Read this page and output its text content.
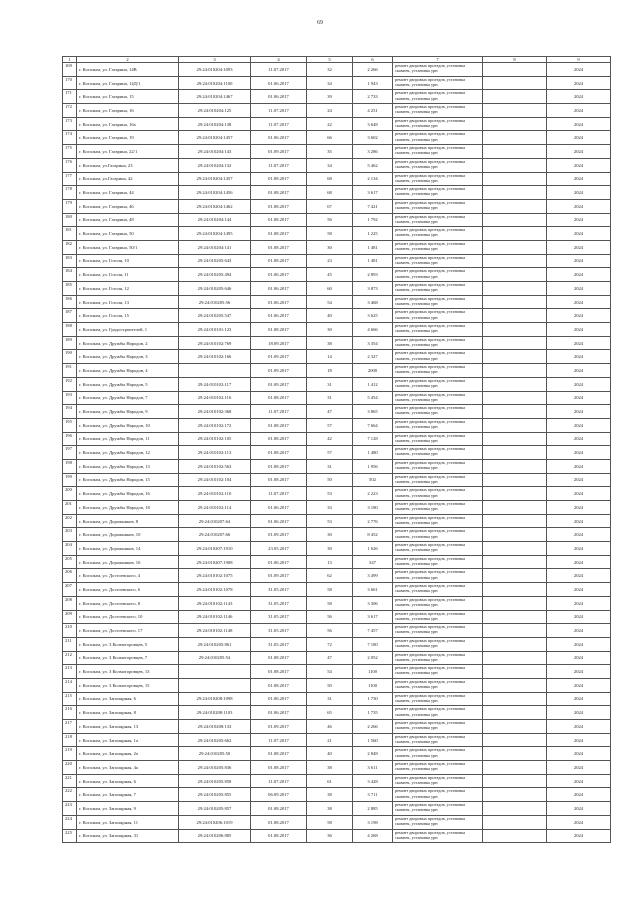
69
1	2	3	4	5	6	7	8	9
169	г. Когалым, ул. Гагарина, 14В	29:24:010204:1093	11.07.2017	32	2 266	ремонт дворовых проездов, установка скамеек, установка урн		2024
170	г. Когалым, ул. Гагарина, 14Д/1	29:24:010204:1100	01.06.2017	34	1 943	ремонт дворовых проездов, установка скамеек, установка урн		2024
171	г. Когалым, ул. Гагарина, 15	29:24:010204:1467	01.06.2017	39	2 733	ремонт дворовых проездов, установка скамеек, установка урн		2024
172	г. Когалым, ул. Гагарина, 16	29:24:010204:125	11.07.2017	24	4 251	ремонт дворовых проездов, установка скамеек, установка урн		2024
173	г. Когалым, ул. Гагарина, 16а	29:24:010204:138	11.07.2017	22	3 648	ремонт дворовых проездов, установка скамеек, установка урн		2024
174	г. Когалым, ул. Гагарина, 19	29:24:010204:1457	01.06.2017	66	3 602	ремонт дворовых проездов, установка скамеек, установка урн		2024
175	г. Когалым, ул. Гагарина, 22/1	29:24:010204:143	01.09.2017	35	3 286	ремонт дворовых проездов, установка скамеек, установка урн		2024
176	г. Когалым, ул.Гагарина, 23	29:24:010204:132	11.07.2017	34	5 462	ремонт дворовых проездов, установка скамеек, установка урн		2024
177	г. Когалым, ул.Гагарина, 42	29:24:010204:1457	01.08.2017	68	2 134	ремонт дворовых проездов, установка скамеек, установка урн		2024
178	г. Когалым, ул. Гагарина, 44	29:24:010204:1456	01.08.2017	68	3 617	ремонт дворовых проездов, установка скамеек, установка урн		2024
179	г. Когалым, ул. Гагарина, 46	29:24:010204:1462	01.08.2017	67	7 421	ремонт дворовых проездов, установка скамеек, установка урн		2024
180	г. Когалым, ул. Гагарина, 48	29:24:010204:144	01.08.2017	56	1 792	ремонт дворовых проездов, установка скамеек, установка урн		2024
181	г. Когалым, ул. Гагарина, 50	29:24:010204:1495	01.08.2017	58	1 225	ремонт дворовых проездов, установка скамеек, установка урн		2024
182	г. Когалым, ул. Гагарина, 50/1	29:24:010204:141	01.08.2017	30	1 481	ремонт дворовых проездов, установка скамеек, установка урн		2024
183	г. Когалым, ул. Гоголя, 10	29:24:010205:643	01.08.2017	23	1 481	ремонт дворовых проездов, установка скамеек, установка урн		2024
184	г. Когалым, ул. Гоголя, 11	29:24:010205:494	01.06.2017	45	2 893	ремонт дворовых проездов, установка скамеек, установка урн		2024
185	г. Когалым, ул. Гоголя, 12	29:24:010205:646	01.06.2017	60	3 873	ремонт дворовых проездов, установка скамеек, установка урн		2024
186	г. Когалым, ул. Гоголя, 13	29:24:010205:56	01.06.2017	54	3 468	ремонт дворовых проездов, установка скамеек, установка урн		2024
187	г. Когалым, ул. Гоголя, 15	29:24:010205:547	01.06.2017	40	3 625	ремонт дворовых проездов, установка скамеек, установка урн		2024
188	г. Когалым, ул. Градостроителей, 1	29:24:010101:123	01.08.2017	30	4 666	ремонт дворовых проездов, установка скамеек, установка урн		2024
189	г. Когалым, ул. Дружбы Народов, 2	29:24:010102:769	18.09.2017	38	3 354	ремонт дворовых проездов, установка скамеек, установка урн		2024
190	г. Когалым, ул. Дружбы Народов, 3	29:24:010102:166	01.09.2017	14	2 327	ремонт дворовых проездов, установка скамеек, установка урн		2024
191	г. Когалым, ул. Дружбы Народов, 4		01.09.2017	18	2000	ремонт дворовых проездов, установка скамеек, установка урн		2024
192	г. Когалым, ул. Дружбы Народов, 5	29:24:010102:117	01.09.2017	31	1 412	ремонт дворовых проездов, установка скамеек, установка урн		2024
193	г. Когалым, ул. Дружбы Народов, 7	29:24:010102:116	01.08.2017	31	5 454	ремонт дворовых проездов, установка скамеек, установка урн		2024
194	г. Когалым, ул. Дружбы Народов, 9	29:24:010102:368	11.07.2017	47	3 865	ремонт дворовых проездов, установка скамеек, установка урн		2024
195	г. Когалым, ул. Дружбы Народов, 10	29:24:010102:172	01.08.2017	57	7 664	ремонт дворовых проездов, установка скамеек, установка урн		2024
196	г. Когалым, ул. Дружбы Народов, 11	29:24:010102:105	01.08.2017	42	7 128	ремонт дворовых проездов, установка скамеек, установка урн		2024
197	г. Когалым, ул. Дружбы Народов, 12	29:24:010102:113	01.08.2017	57	1 480	ремонт дворовых проездов, установка скамеек, установка урн		2024
198	г. Когалым, ул. Дружбы Народов, 13	29:24:010102:563	01.08.2017	31	1 956	ремонт дворовых проездов, установка скамеек, установка урн		2024
199	г. Когалым, ул. Дружбы Народов, 15	29:24:010102:104	01.08.2017	50	502	ремонт дворовых проездов, установка скамеек, установка урн		2024
200	г. Когалым, ул. Дружбы Народов, 16	29:24:010102:110	11.07.2017	53	2 223	ремонт дворовых проездов, установка скамеек, установка урн		2024
201	г. Когалым, ул. Дружбы Народов, 18	29:24:010102:114	01.06.2017	33	3 180	ремонт дворовых проездов, установка скамеек, установка урн		2024
202	г. Когалым, ул. Дорожников, 8	29:24:010207:64	01.06.2017	53	2 776	ремонт дворовых проездов, установка скамеек, установка урн		2024
203	г. Когалым, ул. Дорожников, 10	29:24:010207:66	01.09.2017	30	8 452	ремонт дворовых проездов, установка скамеек, установка урн		2024
204	г. Когалым, ул. Дорожников, 14	29:24:010207:1910	23.05.2017	30	1 626	ремонт дворовых проездов, установка скамеек, установка урн		2024
205	г. Когалым, ул. Дорожников, 16	29:24:010207:1908	01.06.2017	13	347	ремонт дворовых проездов, установка скамеек, установка урн		2024
206	г. Когалым, ул. Достоевского, 4	29:24:010102:1075	01.09.2017	62	3 499	ремонт дворовых проездов, установка скамеек, установка урн		2024
207	г. Когалым, ул. Достоевского, 6	29:24:010102:1078	31.05.2017	58	3 661	ремонт дворовых проездов, установка скамеек, установка урн		2024
208	г. Когалым, ул. Достоевского, 8	29:24:010102:1143	31.05.2017	58	3 306	ремонт дворовых проездов, установка скамеек, установка урн		2024
209	г. Когалым, ул. Достоевского, 10	29:24:010102:1146	31.05.2017	56	3 617	ремонт дворовых проездов, установка скамеек, установка урн		2024
210	г. Когалым, ул. Достоевского, 17	29:24:010102:1148	31.05.2017	56	7 457	ремонт дворовых проездов, установка скамеек, установка урн		2024
211	г. Когалым, ул. 3 Колмогоровцев, 5	29:24:010205:861	31.05.2017	72	7 180	ремонт дворовых проездов, установка скамеек, установка урн		2024
212	г. Когалым, ул. 3 Колмогоровцев, 7	29:24:010205:54	01.08.2017	47	2 052	ремонт дворовых проездов, установка скамеек, установка урн		2024
213	г. Когалым, ул. 3 Колмогоровцев, 13		01.08.2017	54	1100	ремонт дворовых проездов, установка скамеек, установка урн		2024
214	г. Когалым, ул. 3 Колмогоровцев, 15		01.08.2017	50	1100	ремонт дворовых проездов, установка скамеек, установка урн		2024
215	г. Когалым, ул. Заполярная, 6	29:24:010208:1098	01.06.2017	31	1 730	ремонт дворовых проездов, установка скамеек, установка урн		2024
216	г. Когалым, ул. Заполярная, 8	29:24:010208:1103	01.06.2017	65	1 735	ремонт дворовых проездов, установка скамеек, установка урн		2024
217	г. Когалым, ул. Заполярная, 13	29:24:010208:133	01.09.2017	46	2 266	ремонт дворовых проездов, установка скамеек, установка урн		2024
218	г. Когалым, ул. Заполярная, 1а	29:24:010205:662	11.07.2017	21	1 560	ремонт дворовых проездов, установка скамеек, установка урн		2024
219	г. Когалым, ул. Заполярная, 2а	29:24:010205:50	01.08.2017	40	2 848	ремонт дворовых проездов, установка скамеек, установка урн		2024
220	г. Когалым, ул. Заполярная, 4а	29:24:010205:836	01.08.2017	38	3 611	ремонт дворовых проездов, установка скамеек, установка урн		2024
221	г. Когалым, ул. Заполярная, 6	29:24:010205:858	11.07.2017	61	3 428	ремонт дворовых проездов, установка скамеек, установка урн		2024
222	г. Когалым, ул. Заполярная, 7	29:24:010205:855	06.09.2017	38	3 711	ремонт дворовых проездов, установка скамеек, установка урн		2024
223	г. Когалым, ул. Заполярная, 9	29:24:010205:857	01.08.2017	38	2 885	ремонт дворовых проездов, установка скамеек, установка урн		2024
224	г. Когалым, ул. Заполярная, 11	29:24:010206:1019	01.08.2017	58	3 198	ремонт дворовых проездов, установка скамеек, установка урн		2024
225	г. Когалым, ул. Заполярная, 31	29:24:010206:885	01.08.2017	36	4 268	ремонт дворовых проездов, установка скамеек, установка урн		2024
